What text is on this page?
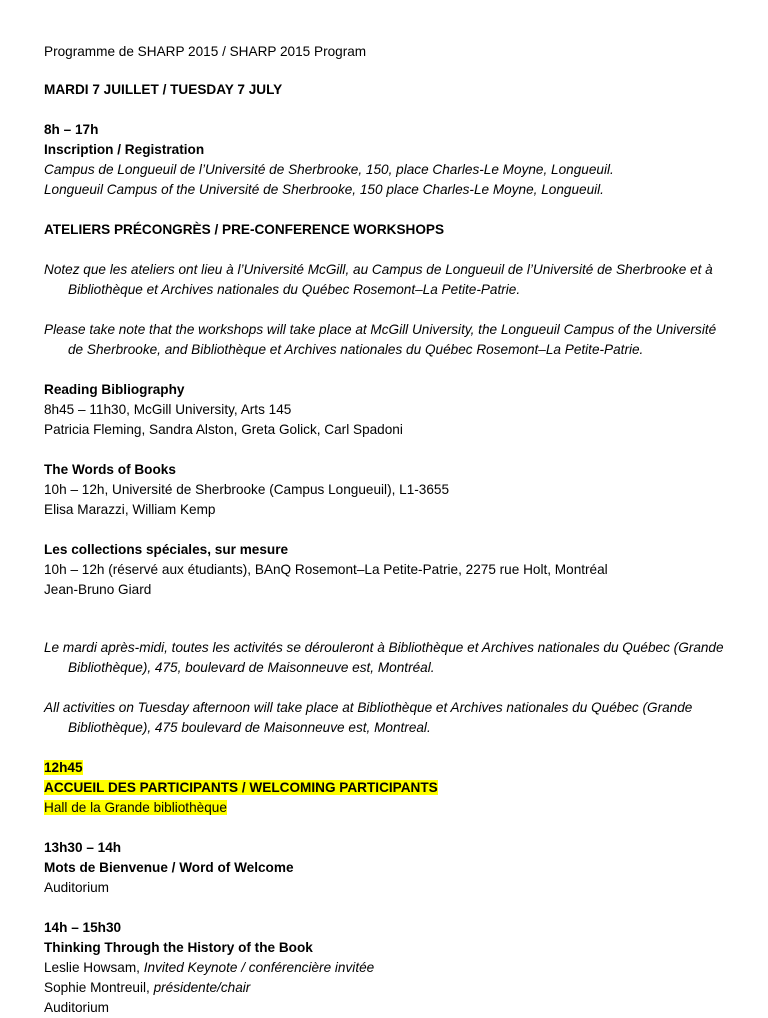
Programme de SHARP 2015 / SHARP 2015 Program

MARDI 7 JUILLET / TUESDAY 7 JULY

8h – 17h

Inscription / Registration

Campus de Longueuil de l’Université de Sherbrooke, 150, place Charles-Le Moyne, Longueuil.

Longueuil Campus of the Université de Sherbrooke, 150 place Charles-Le Moyne, Longueuil.

ATELIERS PRÉCONGRÈS / PRE-CONFERENCE WORKSHOPS

Notez que les ateliers ont lieu à l’Université McGill, au Campus de Longueuil de l’Université de Sherbrooke et à Bibliothèque et Archives nationales du Québec Rosemont–La Petite-Patrie.

Please take note that the workshops will take place at McGill University, the Longueuil Campus of the Université de Sherbrooke, and Bibliothèque et Archives nationales du Québec Rosemont–La Petite-Patrie.

Reading Bibliography

8h45 – 11h30, McGill University, Arts 145

Patricia Fleming, Sandra Alston, Greta Golick, Carl Spadoni

The Words of Books

10h – 12h, Université de Sherbrooke (Campus Longueuil), L1-3655

Elisa Marazzi, William Kemp

Les collections spéciales, sur mesure

10h – 12h (réservé aux étudiants), BAnQ Rosemont–La Petite-Patrie, 2275 rue Holt, Montréal

Jean-Bruno Giard

Le mardi après-midi, toutes les activités se dérouleront à Bibliothèque et Archives nationales du Québec (Grande Bibliothèque), 475, boulevard de Maisonneuve est, Montréal.

All activities on Tuesday afternoon will take place at Bibliothèque et Archives nationales du Québec (Grande Bibliothèque), 475 boulevard de Maisonneuve est, Montreal.

12h45

ACCUEIL DES PARTICIPANTS / WELCOMING PARTICIPANTS

Hall de la Grande bibliothèque

13h30 – 14h

Mots de Bienvenue / Word of Welcome

Auditorium

14h – 15h30

Thinking Through the History of the Book

Leslie Howsam, Invited Keynote / conférencière invitée

Sophie Montreuil, présidente/chair

Auditorium
